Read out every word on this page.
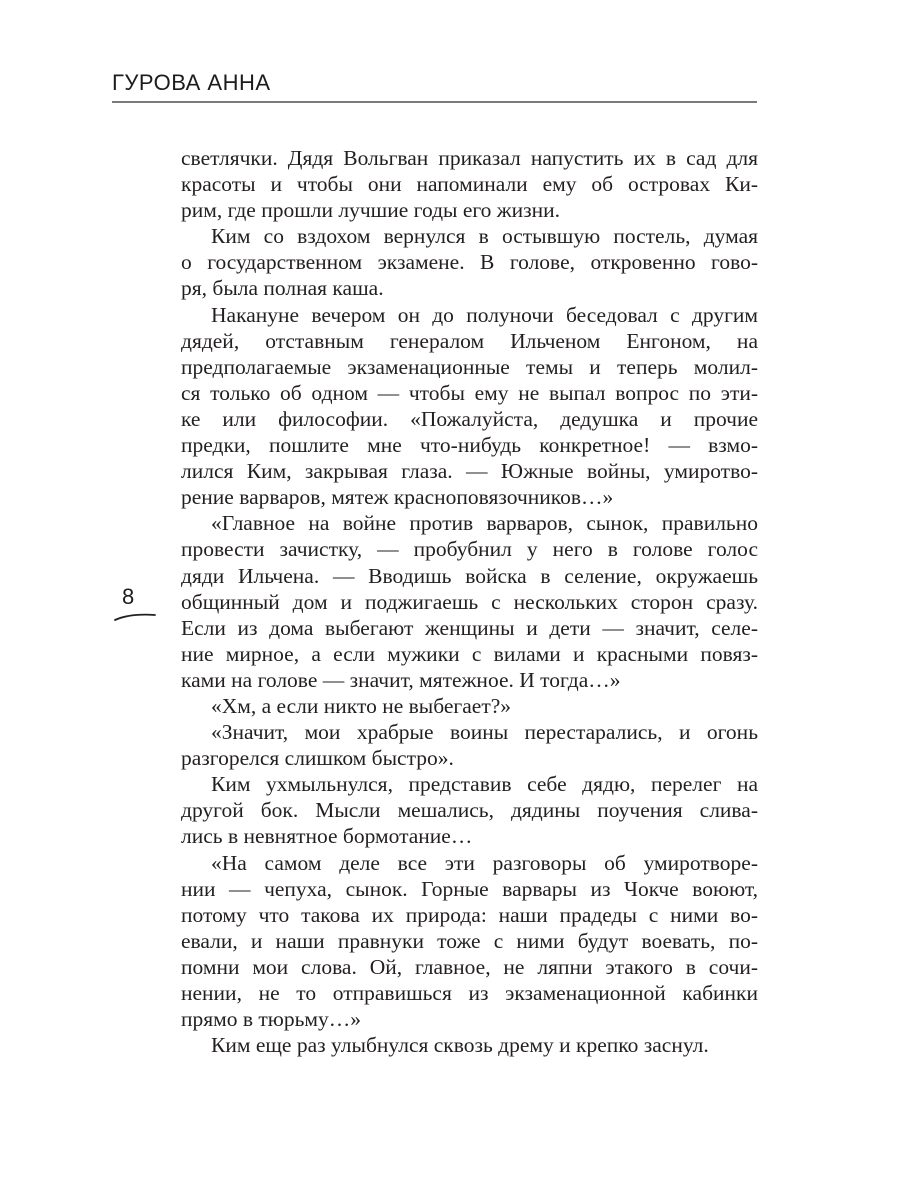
ГУРОВА АННА
8
светлячки. Дядя Вольгван приказал напустить их в сад для
красоты и чтобы они напоминали ему об островах Ки-
рим, где прошли лучшие годы его жизни.
Ким со вздохом вернулся в остывшую постель, думая
о государственном экзамене. В голове, откровенно гово-
ря, была полная каша.
Накануне вечером он до полуночи беседовал с другим
дядей, отставным генералом Ильченом Енгоном, на
предполагаемые экзаменационные темы и теперь молил-
ся только об одном — чтобы ему не выпал вопрос по эти-
ке или философии. «Пожалуйста, дедушка и прочие
предки, пошлите мне что-нибудь конкретное! — взмо-
лился Ким, закрывая глаза. — Южные войны, умиротво-
рение варваров, мятеж красноповязочников…»
«Главное на войне против варваров, сынок, правильно
провести зачистку, — пробубнил у него в голове голос
дяди Ильчена. — Вводишь войска в селение, окружаешь
общинный дом и поджигаешь с нескольких сторон сразу.
Если из дома выбегают женщины и дети — значит, селе-
ние мирное, а если мужики с вилами и красными повяз-
ками на голове — значит, мятежное. И тогда…»
«Хм, а если никто не выбегает?»
«Значит, мои храбрые воины перестарались, и огонь
разгорелся слишком быстро».
Ким ухмыльнулся, представив себе дядю, перелег на
другой бок. Мысли мешались, дядины поучения слива-
лись в невнятное бормотание…
«На самом деле все эти разговоры об умиротворе-
нии — чепуха, сынок. Горные варвары из Чокче воюют,
потому что такова их природа: наши прадеды с ними во-
евали, и наши правнуки тоже с ними будут воевать, по-
помни мои слова. Ой, главное, не ляпни этакого в сочи-
нении, не то отправишься из экзаменационной кабинки
прямо в тюрьму…»
Ким еще раз улыбнулся сквозь дрему и крепко заснул.
